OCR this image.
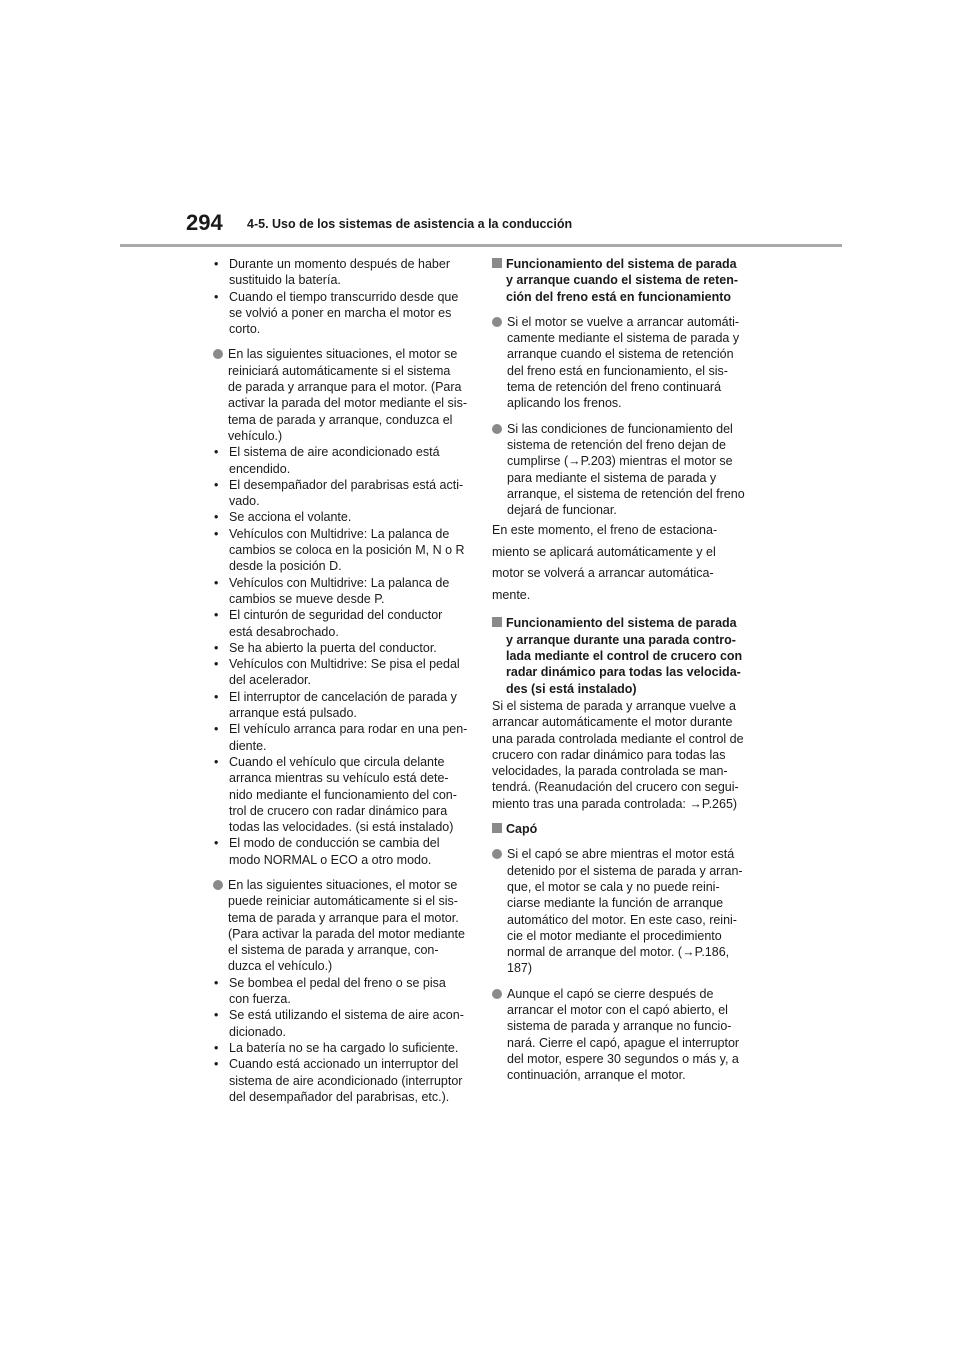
294 4-5. Uso de los sistemas de asistencia a la conducción
• Durante un momento después de haber
sustituido la batería.
• Cuando el tiempo transcurrido desde que
se volvió a poner en marcha el motor es
corto.
En las siguientes situaciones, el motor se
reiniciará automáticamente si el sistema
de parada y arranque para el motor. (Para
activar la parada del motor mediante el sis-
tema de parada y arranque, conduzca el
vehículo.)
• El sistema de aire acondicionado está
encendido.
• El desempañador del parabrisas está acti-
vado.
• Se acciona el volante.
• Vehículos con Multidrive: La palanca de
cambios se coloca en la posición M, N o R
desde la posición D.
• Vehículos con Multidrive: La palanca de
cambios se mueve desde P.
• El cinturón de seguridad del conductor
está desabrochado.
• Se ha abierto la puerta del conductor.
• Vehículos con Multidrive: Se pisa el pedal
del acelerador.
• El interruptor de cancelación de parada y
arranque está pulsado.
• El vehículo arranca para rodar en una pen-
diente.
• Cuando el vehículo que circula delante
arranca mientras su vehículo está dete-
nido mediante el funcionamiento del con-
trol de crucero con radar dinámico para
todas las velocidades. (si está instalado)
• El modo de conducción se cambia del
modo NORMAL o ECO a otro modo.
En las siguientes situaciones, el motor se
puede reiniciar automáticamente si el sis-
tema de parada y arranque para el motor.
(Para activar la parada del motor mediante
el sistema de parada y arranque, con-
duzca el vehículo.)
• Se bombea el pedal del freno o se pisa
con fuerza.
• Se está utilizando el sistema de aire acon-
dicionado.
• La batería no se ha cargado lo suficiente.
• Cuando está accionado un interruptor del
sistema de aire acondicionado (interruptor
del desempañador del parabrisas, etc.).
Funcionamiento del sistema de parada
y arranque cuando el sistema de reten-
ción del freno está en funcionamiento
Si el motor se vuelve a arrancar automáti-
camente mediante el sistema de parada y
arranque cuando el sistema de retención
del freno está en funcionamiento, el sis-
tema de retención del freno continuará
aplicando los frenos.
Si las condiciones de funcionamiento del
sistema de retención del freno dejan de
cumplirse (→P.203) mientras el motor se
para mediante el sistema de parada y
arranque, el sistema de retención del freno
dejará de funcionar.
En este momento, el freno de estaciona-
miento se aplicará automáticamente y el
motor se volverá a arrancar automática-
mente.
Funcionamiento del sistema de parada
y arranque durante una parada contro-
lada mediante el control de crucero con
radar dinámico para todas las velocida-
des (si está instalado)
Si el sistema de parada y arranque vuelve a
arrancar automáticamente el motor durante
una parada controlada mediante el control de
crucero con radar dinámico para todas las
velocidades, la parada controlada se man-
tendrá. (Reanudación del crucero con segui-
miento tras una parada controlada: →P.265)
Capó
Si el capó se abre mientras el motor está
detenido por el sistema de parada y arran-
que, el motor se cala y no puede reini-
ciarse mediante la función de arranque
automático del motor. En este caso, reini-
cie el motor mediante el procedimiento
normal de arranque del motor. (→P.186,
187)
Aunque el capó se cierre después de
arrancar el motor con el capó abierto, el
sistema de parada y arranque no funcio-
nará. Cierre el capó, apague el interruptor
del motor, espere 30 segundos o más y, a
continuación, arranque el motor.
